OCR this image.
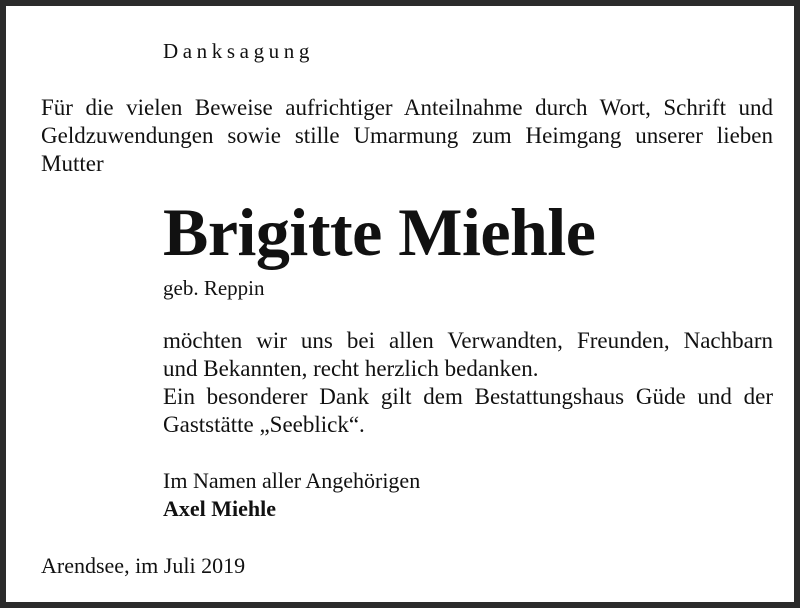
Danksagung
Für die vielen Beweise aufrichtiger Anteilnahme durch Wort, Schrift und
Geldzuwendungen sowie stille Umarmung zum Heimgang unserer lieben
Mutter
Brigitte Miehle
geb. Reppin
möchten wir uns bei allen Verwandten, Freunden, Nachbarn
und Bekannten, recht herzlich bedanken.
Ein besonderer Dank gilt dem Bestattungshaus Güde und der
Gaststätte „Seeblick“.
Im Namen aller Angehörigen
Axel Miehle
Arendsee, im Juli 2019
